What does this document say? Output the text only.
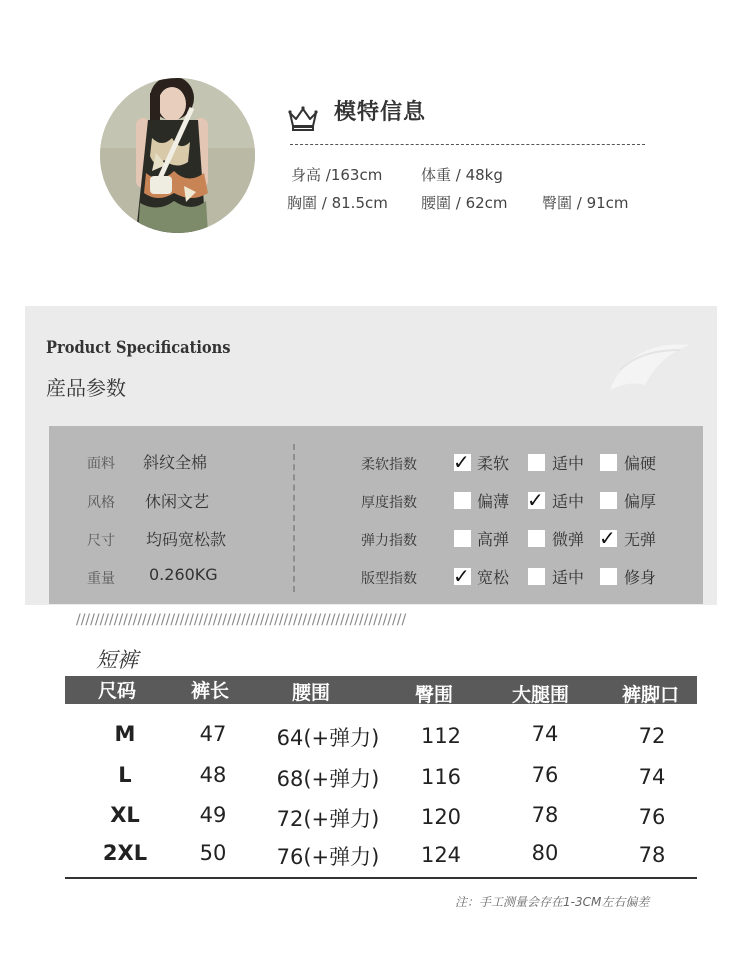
模特信息
身高 /163cm	体重 / 48kg
胸圍 / 81.5cm 腰圍 / 62cm 臀圍 / 91cm
Product Specifications
産品参数
面料 斜纹全棉
风格 休闲文艺
尺寸 均码宽松款
重量 0.260KG
柔软指数 ✓ 柔软	适中 偏硬
厚度指数	偏薄 ✓ 适中 偏厚
弹力指数	高弹	微弹 ✓ 无弹
版型指数 ✓ 宽松	适中 修身
//////////////////////////////////////////////////////////////////////
短裤
尺码	裤长	腰围	臀围	大腿围	裤脚口
M	47	64(+弹力)	112	74	72
L	48	68(+弹力)	116	76	74
XL	49	72(+弹力)	120	78	76
2XL	50	76(+弹力)	124	80	78
注：手工测量会存在1-3CM左右偏差
